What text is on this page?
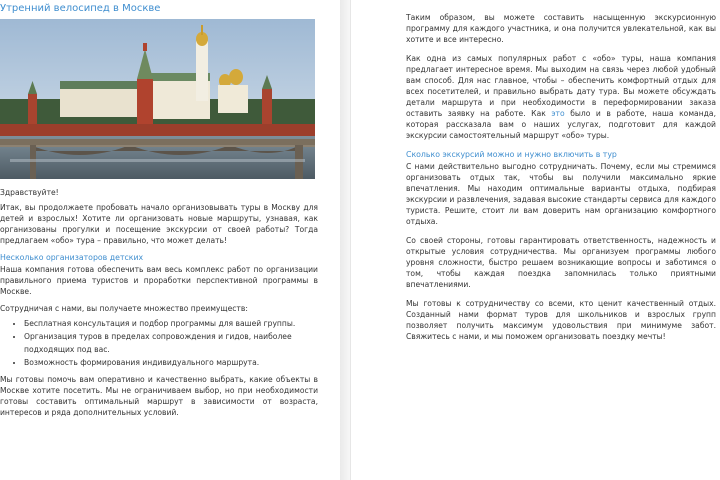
Утренний велосипед в Москве

Здравствуйте!

Итак, вы продолжаете пробовать начало организовывать туры в Москву для детей и взрослых! Хотите ли организовать новые маршруты, узнавая, как организованы прогулки и посещение экскурсии от своей работы? Тогда предлагаем «обо» тура – правильно, что может делать!

Несколько организаторов детских

Наша компания готова обеспечить вам весь комплекс работ по организации правильного приема туристов и проработки перспективной программы в Москве.

Сотрудничая с нами, вы получаете множество преимуществ:

• Бесплатная консультация и подбор программы для вашей группы.
• Организация туров в пределах сопровождения и гидов, наиболее подходящих под вас.
• Возможность формирования индивидуального маршрута.

Мы готовы помочь вам оперативно и качественно выбрать, какие объекты в Москве хотите посетить. Мы не ограничиваем выбор, но при необходимости готовы составить оптимальный маршрут в зависимости от возраста, интересов и ряда дополнительных условий.

Таким образом, вы можете составить насыщенную экскурсионную программу для каждого участника, и она получится увлекательной, как вы хотите и все интересно.

Как одна из самых популярных работ с «обо» туры, наша компания предлагает интересное время. Мы выходим на связь через любой удобный вам способ. Для нас главное, чтобы – обеспечить комфортный отдых для всех посетителей, и правильно выбрать дату тура. Вы можете обсуждать детали маршрута и при необходимости в переформировании заказа оставить заявку на работе. Как это было и в работе, наша команда, которая рассказала вам о наших услугах, подготовит для каждой экскурсии самостоятельный маршрут «обо» туры.

Сколько экскурсий можно и нужно включить в тур

С нами действительно выгодно сотрудничать. Почему, если мы стремимся организовать отдых так, чтобы вы получили максимально яркие впечатления. Мы находим оптимальные варианты отдыха, подбирая экскурсии и развлечения, задавая высокие стандарты сервиса для каждого туриста. Решите, стоит ли вам доверить нам организацию комфортного отдыха.

Со своей стороны, готовы гарантировать ответственность, надежность и открытые условия сотрудничества. Мы организуем программы любого уровня сложности, быстро решаем возникающие вопросы и заботимся о том, чтобы каждая поездка запомнилась только приятными впечатлениями.

Мы готовы к сотрудничеству со всеми, кто ценит качественный отдых. Созданный нами формат туров для школьников и взрослых групп позволяет получить максимум удовольствия при минимуме забот. Свяжитесь с нами, и мы поможем организовать поездку мечты!
